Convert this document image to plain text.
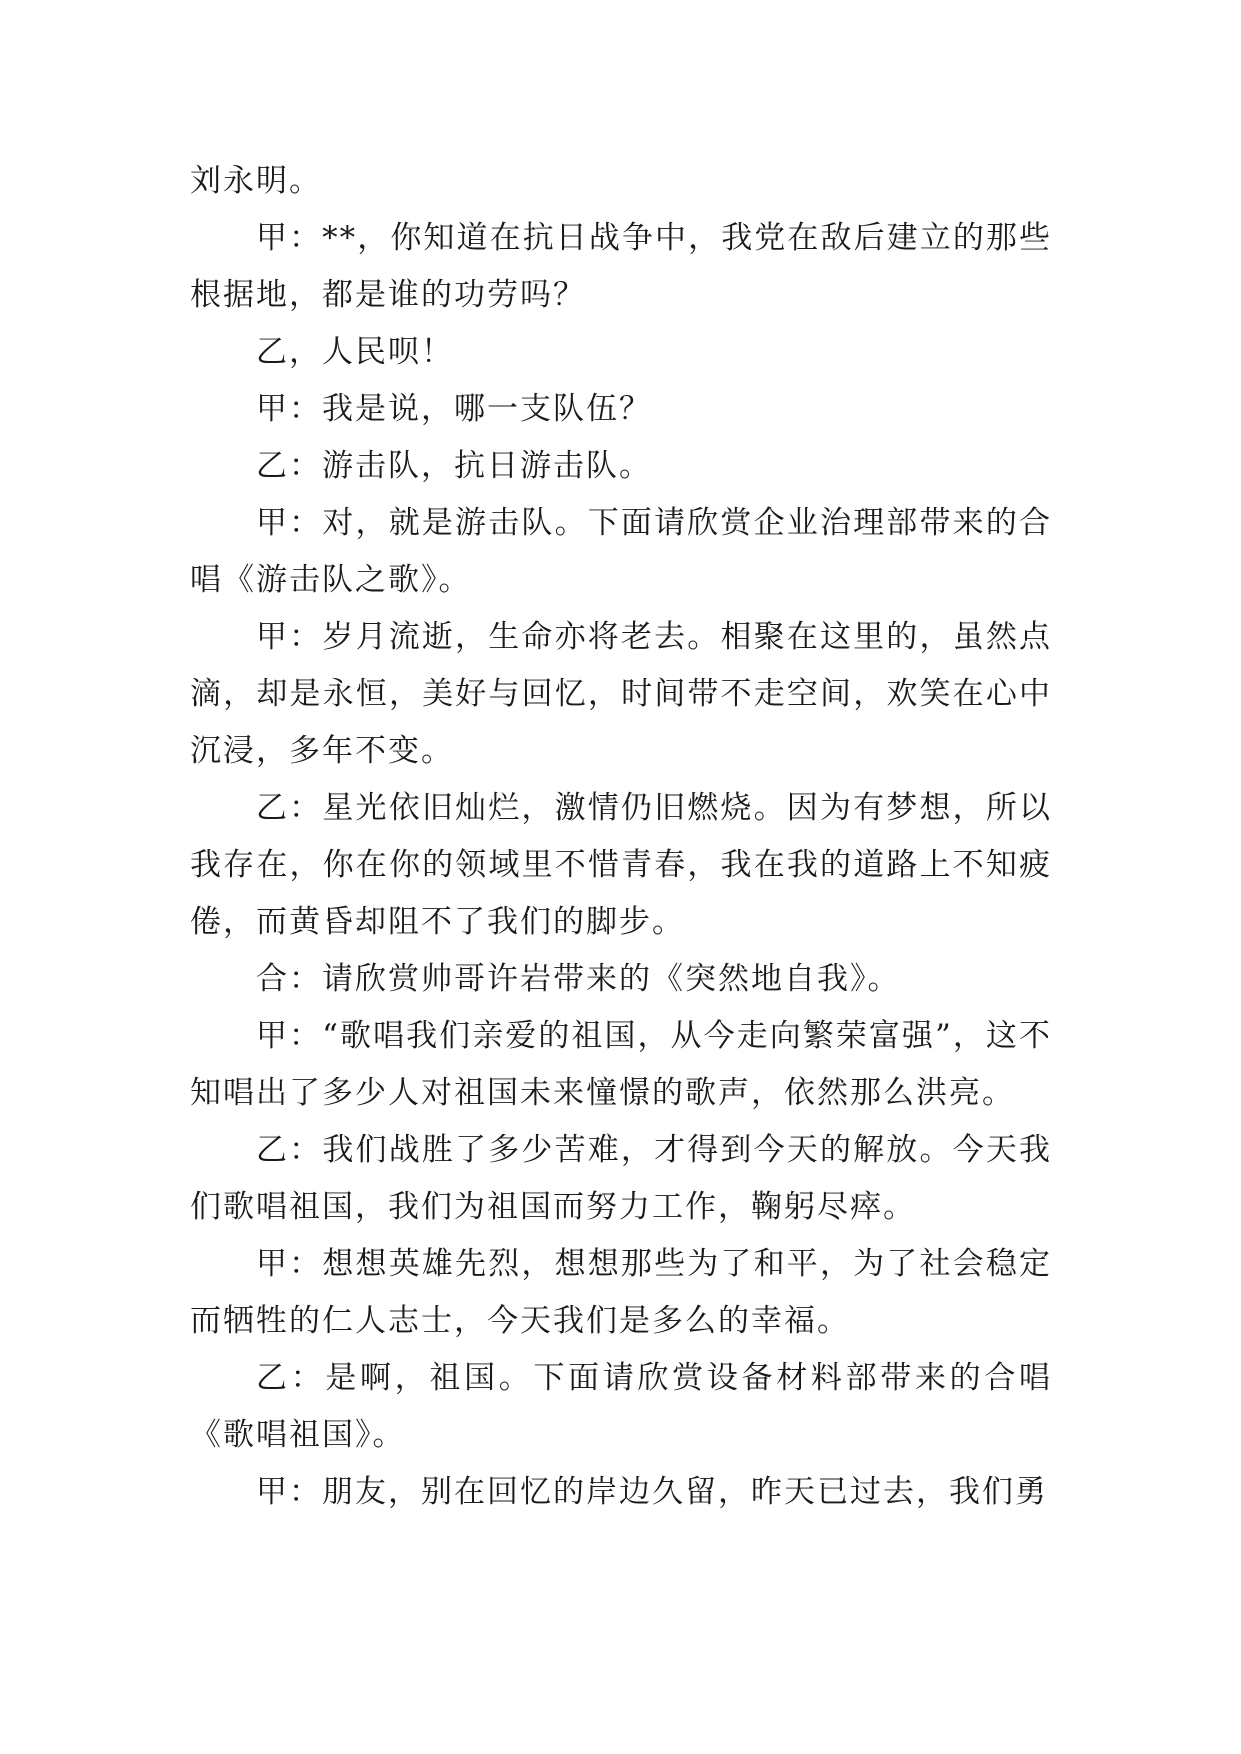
刘永明。

甲：**，你知道在抗日战争中，我党在敌后建立的那些根据地，都是谁的功劳吗？

乙，人民呗！

甲：我是说，哪一支队伍？

乙：游击队，抗日游击队。

甲：对，就是游击队。下面请欣赏企业治理部带来的合唱《游击队之歌》。

甲：岁月流逝，生命亦将老去。相聚在这里的，虽然点滴，却是永恒，美好与回忆，时间带不走空间，欢笑在心中沉浸，多年不变。

乙：星光依旧灿烂，激情仍旧燃烧。因为有梦想，所以我存在，你在你的领域里不惜青春，我在我的道路上不知疲倦，而黄昏却阻不了我们的脚步。

合：请欣赏帅哥许岩带来的《突然地自我》。

甲：“歌唱我们亲爱的祖国，从今走向繁荣富强”，这不知唱出了多少人对祖国未来憧憬的歌声，依然那么洪亮。

乙：我们战胜了多少苦难，才得到今天的解放。今天我们歌唱祖国，我们为祖国而努力工作，鞠躬尽瘁。

甲：想想英雄先烈，想想那些为了和平，为了社会稳定而牺牲的仁人志士，今天我们是多么的幸福。

乙：是啊，祖国。下面请欣赏设备材料部带来的合唱《歌唱祖国》。

甲：朋友，别在回忆的岸边久留，昨天已过去，我们勇
